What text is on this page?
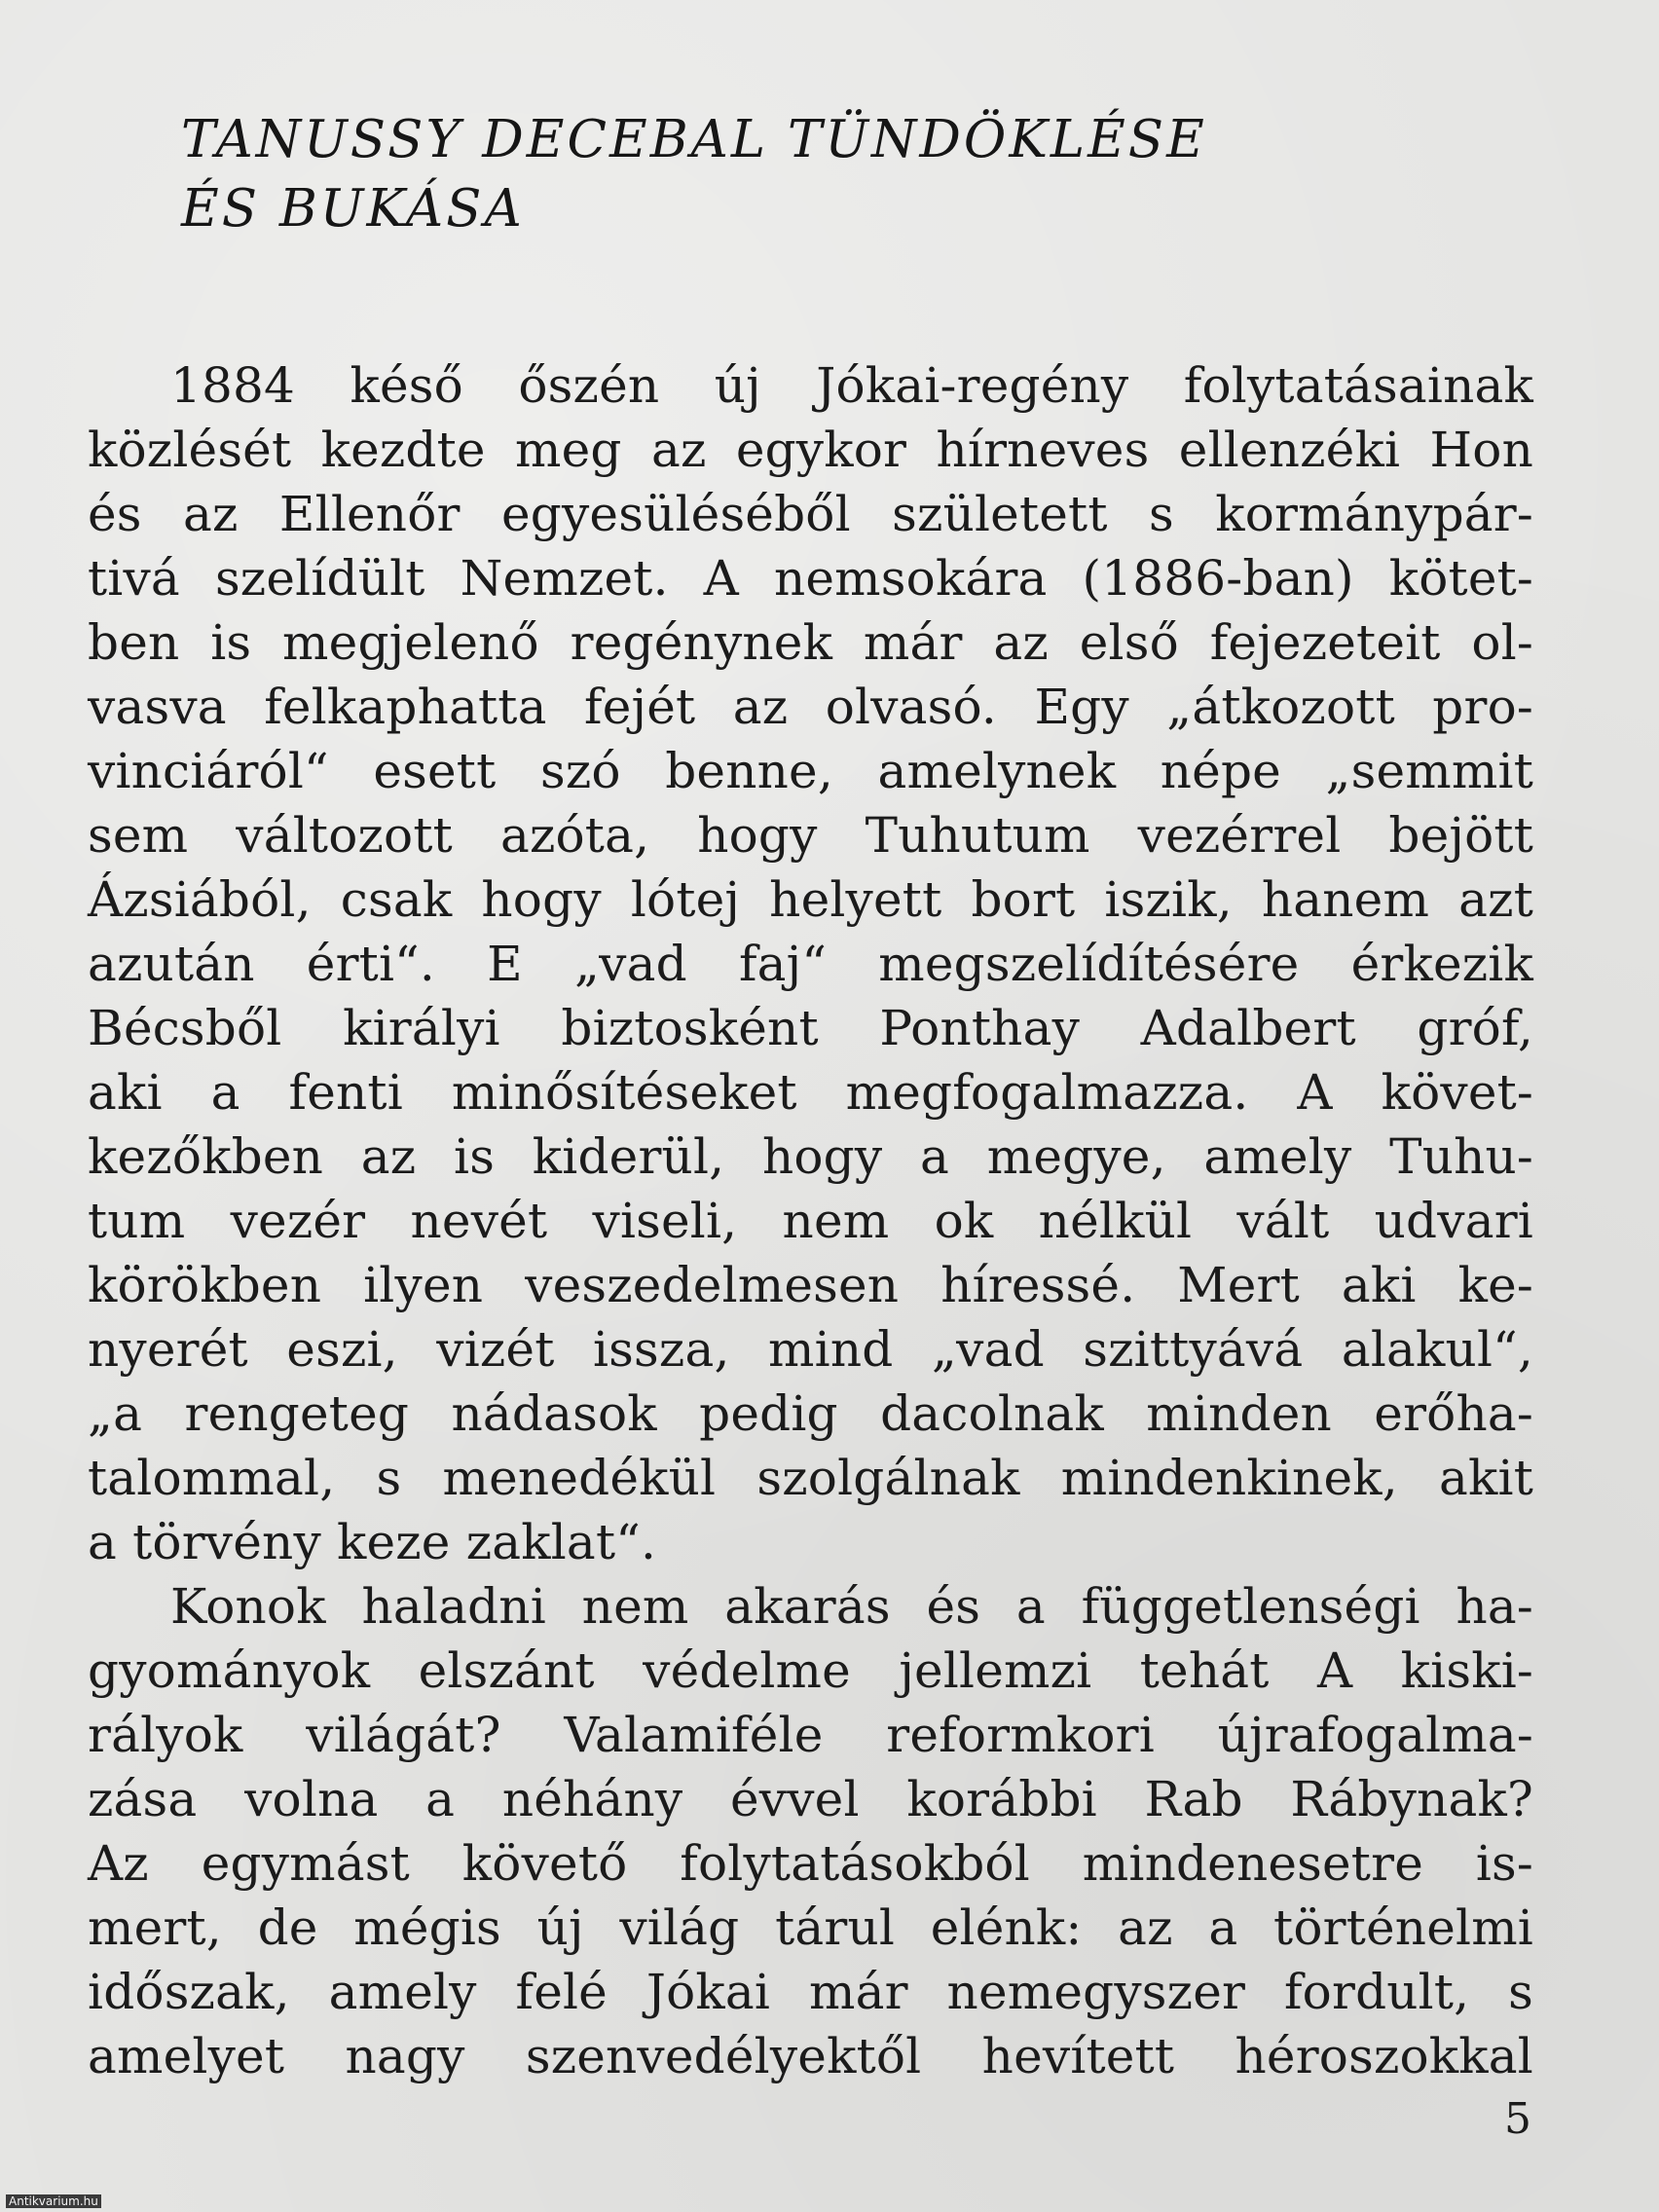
TANUSSY DECEBAL TÜNDÖKLÉSE
ÉS BUKÁSA
1884 késő őszén új Jókai-regény folytatásainak
közlését kezdte meg az egykor hírneves ellenzéki Hon
és az Ellenőr egyesüléséből született s kormánypár-
tivá szelídült Nemzet. A nemsokára (1886-ban) kötet-
ben is megjelenő regénynek már az első fejezeteit ol-
vasva felkaphatta fejét az olvasó. Egy „átkozott pro-
vinciáról“ esett szó benne, amelynek népe „semmit
sem változott azóta, hogy Tuhutum vezérrel bejött
Ázsiából, csak hogy lótej helyett bort iszik, hanem azt
azután érti“. E „vad faj“ megszelídítésére érkezik
Bécsből királyi biztosként Ponthay Adalbert gróf,
aki a fenti minősítéseket megfogalmazza. A követ-
kezőkben az is kiderül, hogy a megye, amely Tuhu-
tum vezér nevét viseli, nem ok nélkül vált udvari
körökben ilyen veszedelmesen híressé. Mert aki ke-
nyerét eszi, vizét issza, mind „vad szittyává alakul“,
„a rengeteg nádasok pedig dacolnak minden erőha-
talommal, s menedékül szolgálnak mindenkinek, akit
a törvény keze zaklat“.
Konok haladni nem akarás és a függetlenségi ha-
gyományok elszánt védelme jellemzi tehát A kiski-
rályok világát? Valamiféle reformkori újrafogalma-
zása volna a néhány évvel korábbi Rab Rábynak?
Az egymást követő folytatásokból mindenesetre is-
mert, de mégis új világ tárul elénk: az a történelmi
időszak, amely felé Jókai már nemegyszer fordult, s
amelyet nagy szenvedélyektől hevített héroszokkal
5
Antikvarium.hu
